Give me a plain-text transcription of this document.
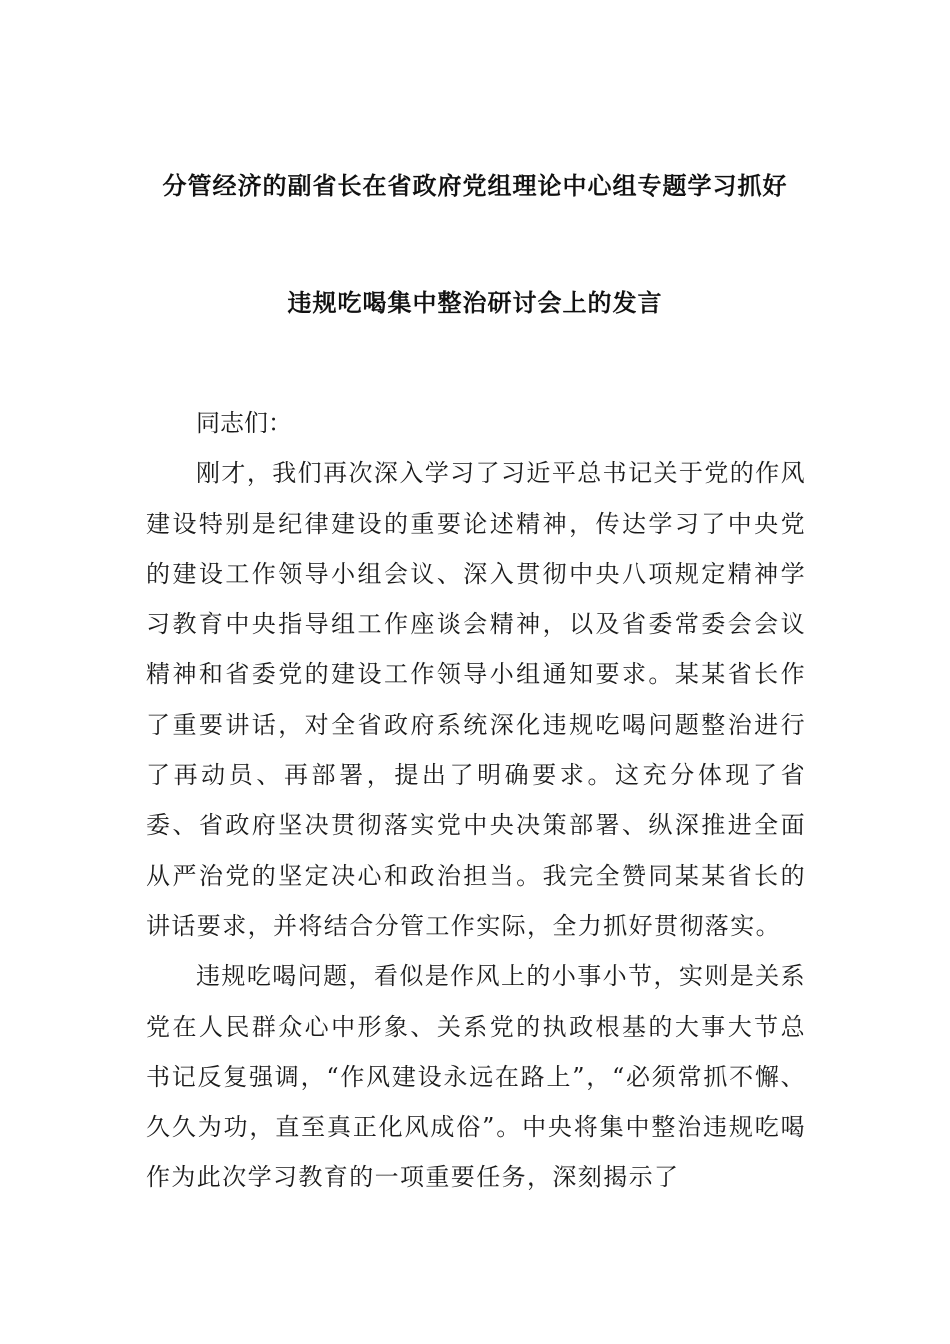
分管经济的副省长在省政府党组理论中心组专题学习抓好
违规吃喝集中整治研讨会上的发言
同志们：

刚才，我们再次深入学习了习近平总书记关于党的作风建设特别是纪律建设的重要论述精神，传达学习了中央党的建设工作领导小组会议、深入贯彻中央八项规定精神学习教育中央指导组工作座谈会精神，以及省委常委会会议精神和省委党的建设工作领导小组通知要求。某某省长作了重要讲话，对全省政府系统深化违规吃喝问题整治进行了再动员、再部署，提出了明确要求。这充分体现了省委、省政府坚决贯彻落实党中央决策部署、纵深推进全面从严治党的坚定决心和政治担当。我完全赞同某某省长的讲话要求，并将结合分管工作实际，全力抓好贯彻落实。

违规吃喝问题，看似是作风上的小事小节，实则是关系党在人民群众心中形象、关系党的执政根基的大事大节总书记反复强调，“作风建设永远在路上”，“必须常抓不懈、久久为功，直至真正化风成俗”。中央将集中整治违规吃喝作为此次学习教育的一项重要任务，深刻揭示了
